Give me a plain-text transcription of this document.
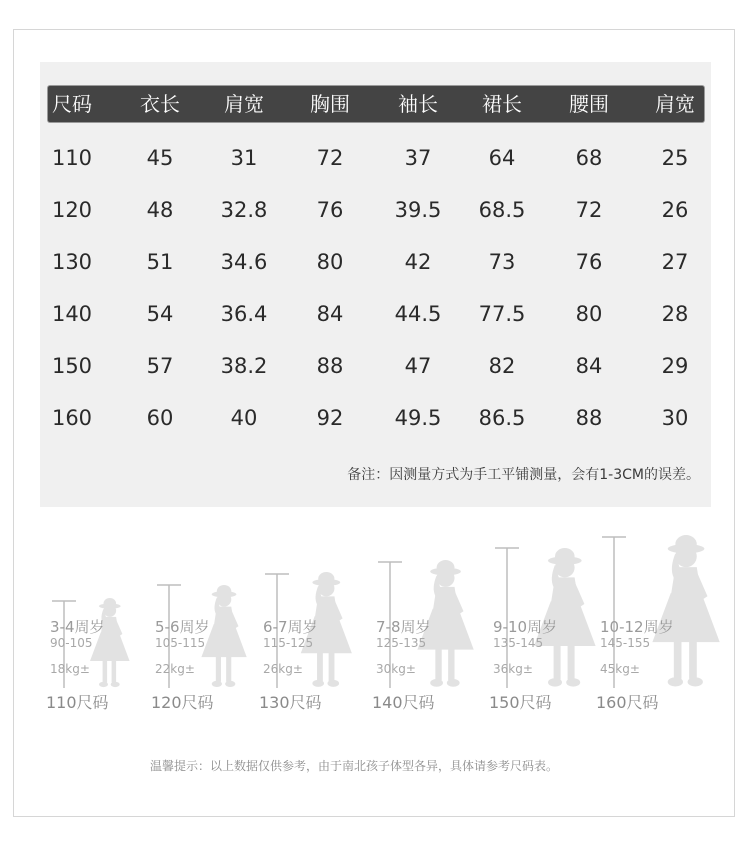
尺码 衣长 肩宽 胸围 袖长 裙长 腰围 肩宽
110	45	31	72	37	64	68	25
120	48 32.8 76 39.5 68.5 72	26
130	51 34.6 80	42	73	76	27
140	54 36.4 84 44.5 77.5 80	28
150	57 38.2 88	47	82	84	29
160	60	40	92 49.5 86.5 88	30
备注：因测量方式为手工平铺测量，会有1-3CM的误差。
3-4周岁
90-105
18kg±
110尺码
5-6周岁
105-115
22kg±
120尺码
6-7周岁
115-125
26kg±
130尺码
7-8周岁
125-135
30kg±
140尺码
9-10周岁
135-145
36kg±
150尺码
10-12周岁
145-155
45kg±
160尺码
温馨提示：以上数据仅供参考，由于南北孩子体型各异，具体请参考尺码表。
